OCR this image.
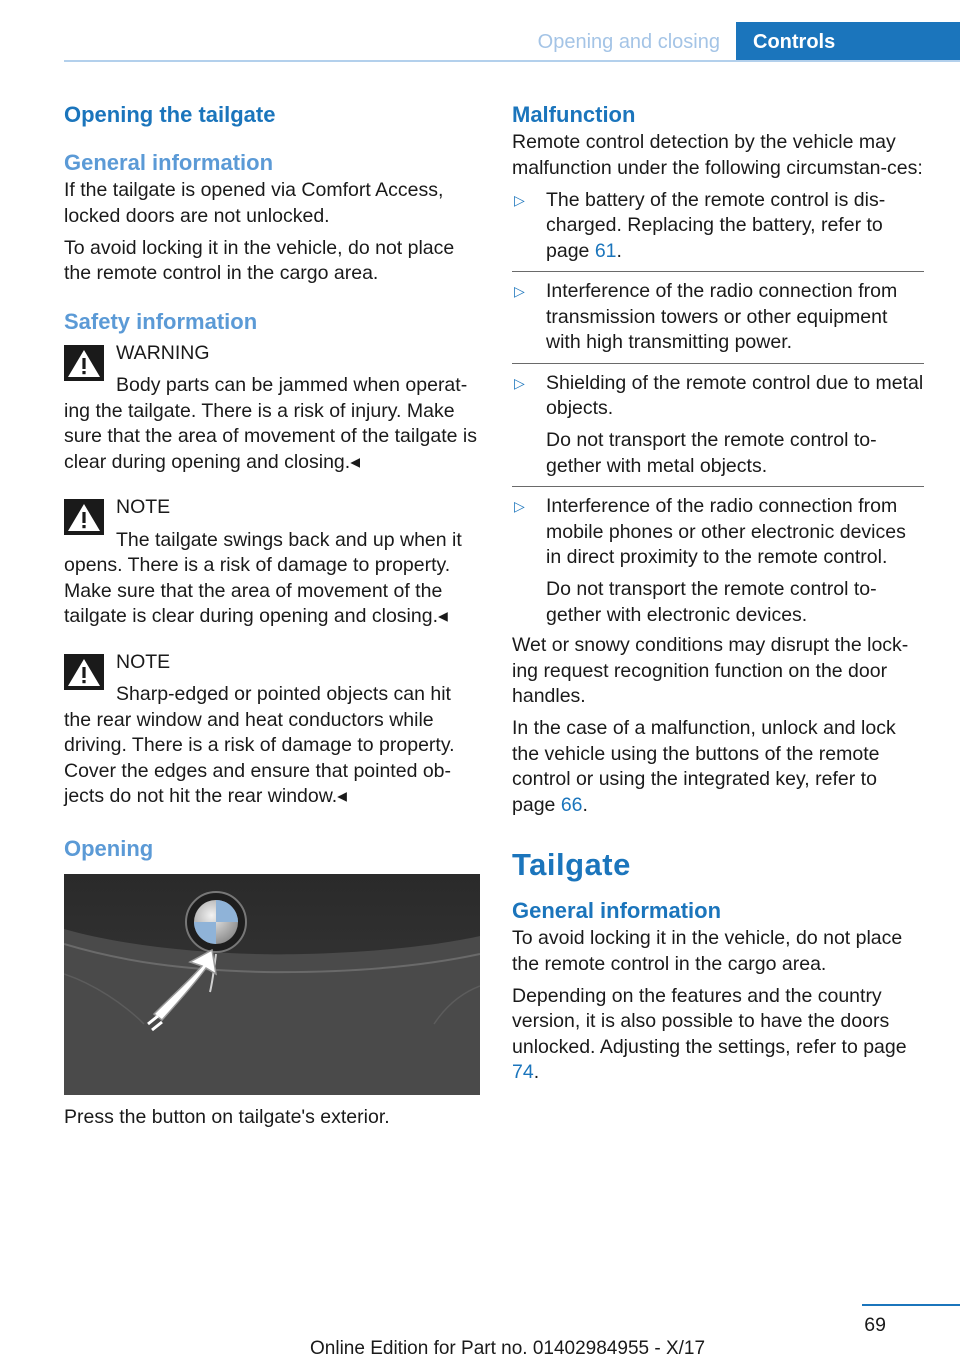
Opening and closing	Controls
Opening the tailgate
General information

If the tailgate is opened via Comfort Access, locked doors are not unlocked.

To avoid locking it in the vehicle, do not place the remote control in the cargo area.

Safety information
WARNING
Body parts can be jammed when operat-
ing the tailgate. There is a risk of injury. Make sure that the area of movement of the tailgate is clear during opening and closing.◂
NOTE
The tailgate swings back and up when it
opens. There is a risk of damage to property. Make sure that the area of movement of the tailgate is clear during opening and closing.◂
NOTE
Sharp-edged or pointed objects can hit
the rear window and heat conductors while driving. There is a risk of damage to property. Cover the edges and ensure that pointed ob-jects do not hit the rear window.◂
Opening

Press the button on tailgate's exterior.

Malfunction

Remote control detection by the vehicle may malfunction under the following circumstan-ces:

▷ The battery of the remote control is dis-charged. Replacing the battery, refer to page 61.
▷ Interference of the radio connection from transmission towers or other equipment with high transmitting power.
▷ Shielding of the remote control due to metal objects.
Do not transport the remote control to-gether with metal objects.
▷ Interference of the radio connection from mobile phones or other electronic devices in direct proximity to the remote control.
Do not transport the remote control to-gether with electronic devices.

Wet or snowy conditions may disrupt the lock-ing request recognition function on the door handles.

In the case of a malfunction, unlock and lock the vehicle using the buttons of the remote control or using the integrated key, refer to page 66.

Tailgate
General information

To avoid locking it in the vehicle, do not place the remote control in the cargo area.

Depending on the features and the country version, it is also possible to have the doors unlocked. Adjusting the settings, refer to page 74.

69
Online Edition for Part no. 01402984955 - X/17
